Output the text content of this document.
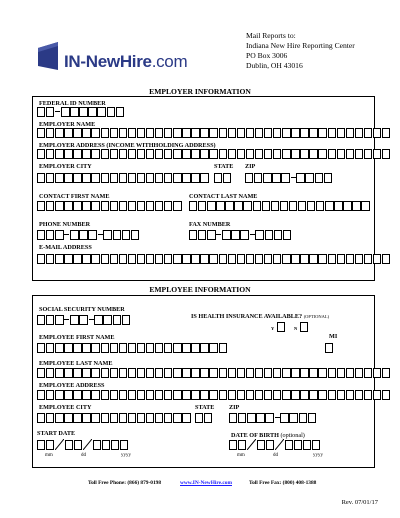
IN-NewHire.com
Mail Reports to:
Indiana New Hire Reporting Center
PO Box 3006
Dublin, OH 43016
EMPLOYER INFORMATION
FEDERAL ID NUMBER
EMPLOYER NAME
EMPLOYER ADDRESS (INCOME WITHHOLDING ADDRESS)
EMPLOYER CITY	STATE ZIP
CONTACT FIRST NAME	CONTACT LAST NAME
PHONE NUMBER	FAX NUMBER
E-MAIL ADDRESS
EMPLOYEE INFORMATION
SOCIAL SECURITY NUMBER
IS HEALTH INSURANCE AVAILABLE? (OPTIONAL)
Y	N
EMPLOYEE FIRST NAME	MI
EMPLOYEE LAST NAME
EMPLOYEE ADDRESS
EMPLOYEE CITY	STATE ZIP
START DATE	DATE OF BIRTH (optional)
mm	dd	yyyy	mm	dd	yyyy
Toll Free Phone: (866) 879-0198	www.IN-NewHire.com	Toll Free Fax: (800) 408-1388
Rev. 07/01/17
